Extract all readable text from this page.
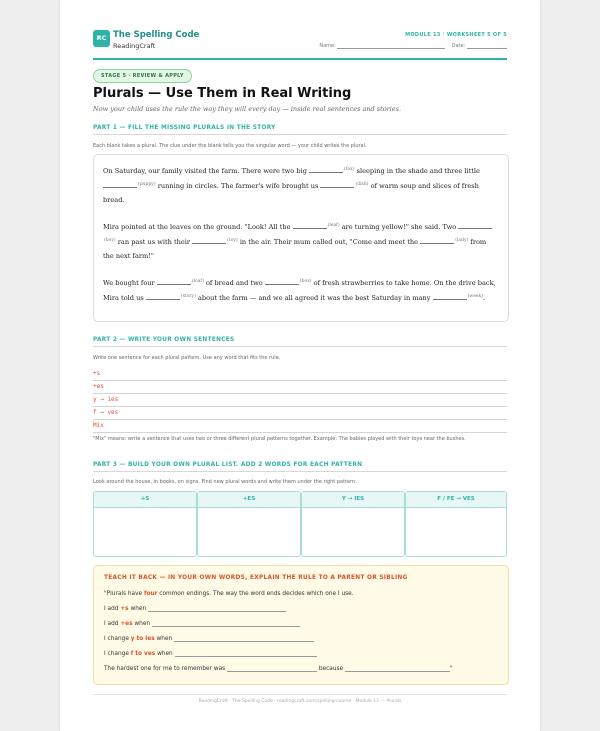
RC The Spelling Code
ReadingCraft
MODULE 13 · WORKSHEET 5 OF 5
Name:	Date:
STAGE 5 · REVIEW & APPLY
Plurals — Use Them in Real Writing
Now your child uses the rule the way they will every day — inside real sentences and stories.
PART 1 — FILL THE MISSING PLURALS IN THE STORY
Each blank takes a plural. The clue under the blank tells you the singular word — your child writes the plural.

On Saturday, our family visited the farm. There were two big	$^{(fox)}$ sleeping in the shade and three little $^{(puppy)}$ running in circles. The farmer's wife brought us	$^{(dish)}$ of warm soup and slices of fresh bread.

Mira pointed at the leaves on the ground. "Look! All the	$^{(leaf)}$ are turning yellow!" she said. Two $^{(boy)}$ ran past us with their	$^{(toy)}$ in the air. Their mum called out, "Come and meet the	$^{(lady)}$ from the next farm!"

We bought four	$^{(loaf)}$ of bread and two	$^{(box)}$ of fresh strawberries to take home. On the drive back, Mira told us	$^{(story)}$ about the farm — and we all agreed it was the best Saturday in many	$^{(week)}$.

PART 2 — WRITE YOUR OWN SENTENCES
Write one sentence for each plural pattern. Use any word that fits the rule.
+s
+es
y → ies
f → ves
Mix
"Mix" means: write a sentence that uses two or three different plural patterns together. Example: The babies played with their toys near the bushes.
PART 3 — BUILD YOUR OWN PLURAL LIST. ADD 2 WORDS FOR EACH PATTERN
Look around the house, in books, on signs. Find new plural words and write them under the right pattern.
+S	+ES	Y → IES	F / FE → VES
TEACH IT BACK — IN YOUR OWN WORDS, EXPLAIN THE RULE TO A PARENT OR SIBLING
"Plurals have four common endings. The way the word ends decides which one I use.
I add +s when
I add +es when
I change y to ies when
I change f to ves when
The hardest one for me to remember was	because	"
ReadingCraft · The Spelling Code · readingcraft.com/spelling-course · Module 13 — Plurals
